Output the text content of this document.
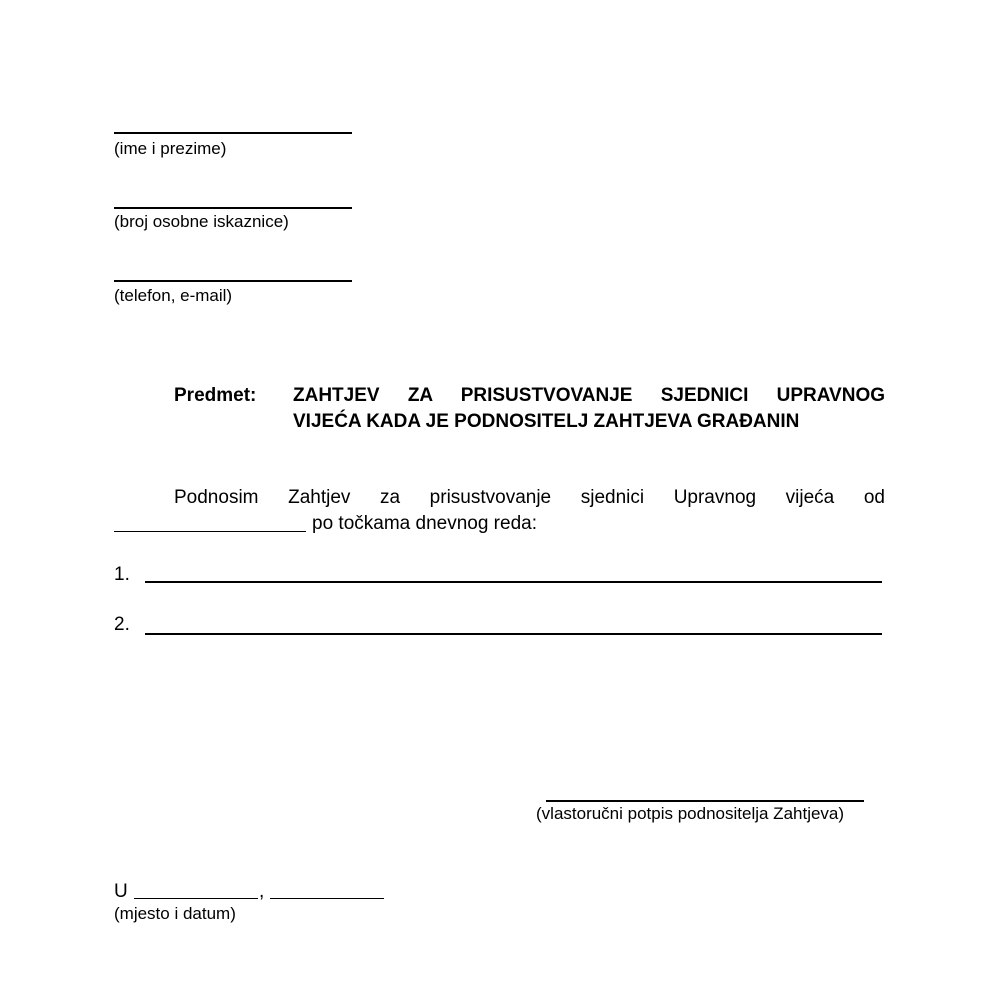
(ime i prezime)
(broj osobne iskaznice)
(telefon, e-mail)
Predmet: ZAHTJEV ZA PRISUSTVOVANJE SJEDNICI UPRAVNOG
VIJEĆA KADA JE PODNOSITELJ ZAHTJEVA GRAĐANIN
Podnosim Zahtjev za prisustvovanje sjednici Upravnog vijeća od
po točkama dnevnog reda:
1.
2.
(vlastoručni potpis podnositelja Zahtjeva)
U	,
(mjesto i datum)
